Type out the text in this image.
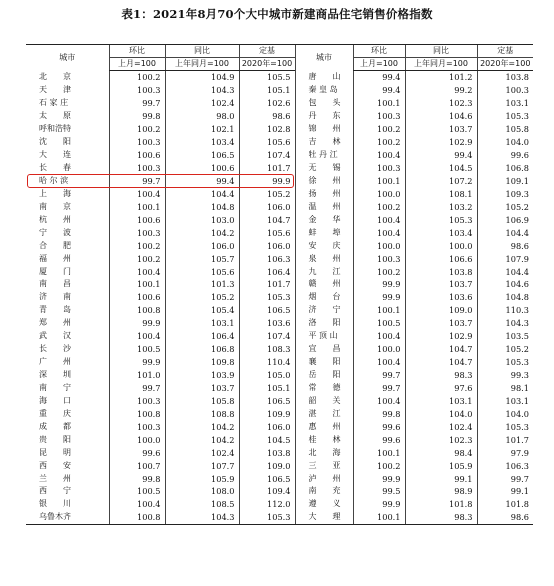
表1：2021年8月70个大中城市新建商品住宅销售价格指数
城市	环比	同比	定基	城市	环比	同比	定基
	上月=100	上年同月=100	2020年=100		上月=100	上年同月=100	2020年=100
北　　京	100.2	104.9	105.5	唐　　山	99.4	101.2	103.8
天　　津	100.3	104.3	105.1	秦 皇 岛	99.4	99.2	100.3
石 家 庄	99.7	102.4	102.6	包　　头	100.1	102.3	103.1
太　　原	99.8	98.0	98.6	丹　　东	100.3	104.6	105.3
呼和浩特	100.2	102.1	102.8	锦　　州	100.2	103.7	105.8
沈　　阳	100.3	103.4	105.6	吉　　林	100.2	102.9	104.0
大　　连	100.6	106.5	107.4	牡 丹 江	100.4	99.4	99.6
长　　春	100.3	100.6	101.7	无　　锡	100.3	104.5	106.8
哈 尔 滨	99.7	99.4	99.9	徐　　州	100.1	107.2	109.1
上　　海	100.4	104.4	105.2	扬　　州	100.0	108.1	109.3
南　　京	100.1	104.8	106.0	温　　州	100.2	103.2	105.2
杭　　州	100.6	103.0	104.7	金　　华	100.4	105.3	106.9
宁　　波	100.3	104.2	105.6	蚌　　埠	100.4	103.4	104.4
合　　肥	100.2	106.0	106.0	安　　庆	100.0	100.0	98.6
福　　州	100.2	105.7	106.3	泉　　州	100.3	106.6	107.9
厦　　门	100.4	105.6	106.4	九　　江	100.2	103.8	104.4
南　　昌	100.1	101.3	101.7	赣　　州	99.9	103.7	104.6
济　　南	100.6	105.2	105.3	烟　　台	99.9	103.6	104.8
青　　岛	100.8	105.4	106.5	济　　宁	100.1	109.0	110.3
郑　　州	99.9	103.1	103.6	洛　　阳	100.5	103.7	104.3
武　　汉	100.4	106.4	107.4	平 顶 山	100.4	102.9	103.5
长　　沙	100.5	106.8	108.3	宜　　昌	100.0	104.7	105.2
广　　州	99.9	109.8	110.4	襄　　阳	100.4	104.7	105.3
深　　圳	101.0	103.9	105.0	岳　　阳	99.7	98.3	99.3
南　　宁	99.7	103.7	105.1	常　　德	99.7	97.6	98.1
海　　口	100.3	105.8	106.5	韶　　关	100.4	103.1	103.1
重　　庆	100.8	108.8	109.9	湛　　江	99.8	104.0	104.0
成　　都	100.3	104.2	106.0	惠　　州	99.6	102.4	105.3
贵　　阳	100.0	104.2	104.5	桂　　林	99.6	102.3	101.7
昆　　明	99.6	102.4	103.8	北　　海	100.1	98.4	97.9
西　　安	100.7	107.7	109.0	三　　亚	100.2	105.9	106.3
兰　　州	99.8	105.9	106.5	泸　　州	99.9	99.1	99.7
西　　宁	100.5	108.0	109.4	南　　充	99.5	98.9	99.1
银　　川	100.4	108.5	112.0	遵　　义	99.9	101.8	101.8
乌鲁木齐	100.8	104.3	105.3	大　　理	100.1	98.3	98.6
